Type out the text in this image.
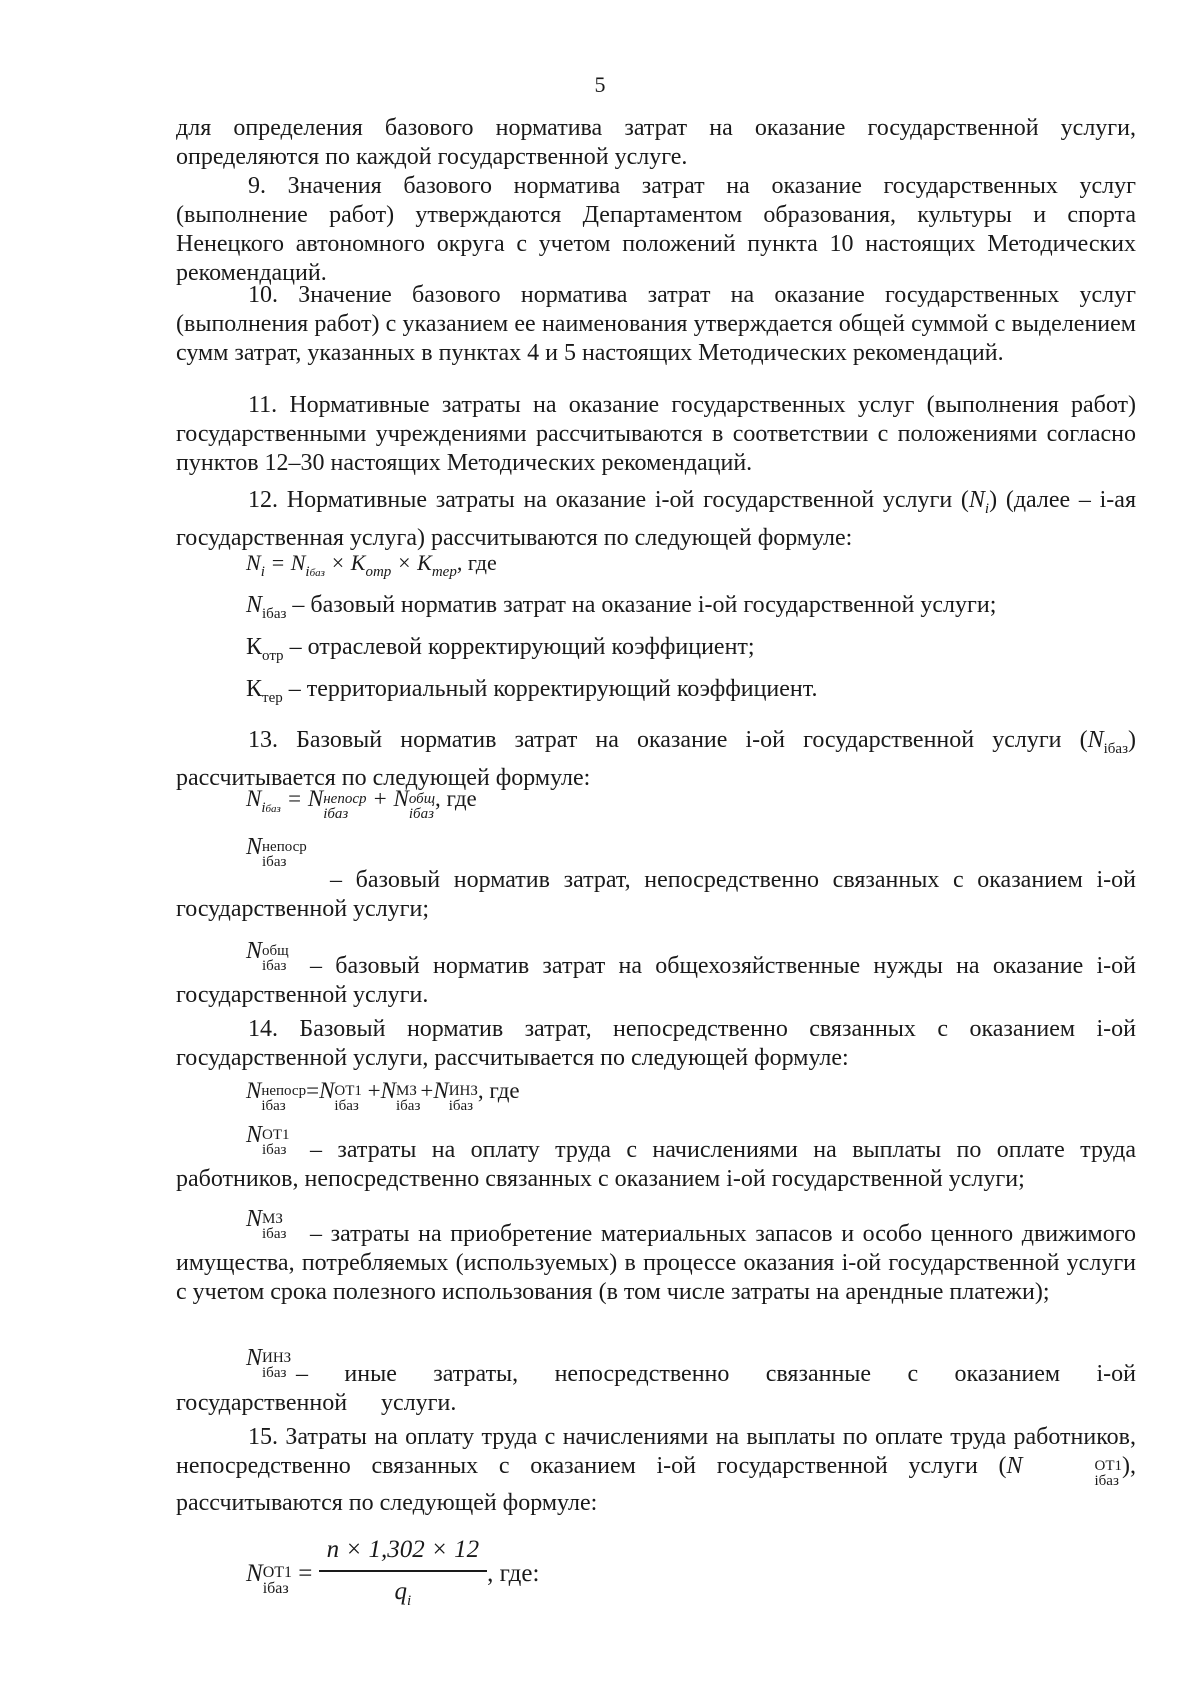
5

для определения базового норматива затрат на оказание государственной услуги, определяются по каждой государственной услуге.

9. Значения базового норматива затрат на оказание государственных услуг (выполнение работ) утверждаются Департаментом образования, культуры и спорта Ненецкого автономного округа с учетом положений пункта 10 настоящих Методических рекомендаций.

10. Значение базового норматива затрат на оказание государственных услуг (выполнения работ) с указанием ее наименования утверждается общей суммой с выделением сумм затрат, указанных в пунктах 4 и 5 настоящих Методических рекомендаций.

11. Нормативные затраты на оказание государственных услуг (выполнения работ) государственными учреждениями рассчитываются в соответствии с положениями согласно пунктов 12–30 настоящих Методических рекомендаций.

12. Нормативные затраты на оказание i-ой государственной услуги $(N_i)$ (далее – i-ая государственная услуга) рассчитываются по следующей формуле:

$N_i = N_{iбаз} \times K_{отр} \times K_{тер}$, где
$N_{iбаз}$ – базовый норматив затрат на оказание i-ой государственной услуги;
$К_{отр}$ – отраслевой корректирующий коэффициент;
$К_{тер}$ – территориальный корректирующий коэффициент.

13. Базовый норматив затрат на оказание i-ой государственной услуги $(N_{iбаз})$ рассчитывается по следующей формуле:

$N_{iбаз} = N$ непоср
iбаз
+ N общ
iбаз
, где
N непоср
iбаз

– базовый норматив затрат, непосредственно связанных с оказанием i-ой государственной услуги;

N общ
iбаз – базовый норматив затрат на общехозяйственные нужды на оказание i-ой государственной услуги.

14. Базовый норматив затрат, непосредственно связанных с оказанием i-ой государственной услуги, рассчитывается по следующей формуле:

N непоср
iбаз
=N ОТ1
iбаз
+N МЗ
iбаз
+N ИНЗ
iбаз
, где
N ОТ1
iбаз – затраты на оплату труда с начислениями на выплаты по оплате труда работников, непосредственно связанных с оказанием i-ой государственной услуги;

N МЗ
iбаз – затраты на приобретение материальных запасов и особо ценного движимого имущества, потребляемых (используемых) в процессе оказания i-ой государственной услуги с учетом срока полезного использования (в том числе затраты на арендные платежи);

N ИНЗ
iбаз – иные затраты, непосредственно связанные с оказанием i-ой государственной услуги.

15. Затраты на оплату труда с начислениями на выплаты по оплате труда работников, непосредственно связанных с оказанием i-ой государственной услуги (N	ОТ1
iбаз
), рассчитываются по следующей формуле:

N ОТ1
iбаз
= $\frac{n \times 1,302 \times 12}{q_i}$ , где:
